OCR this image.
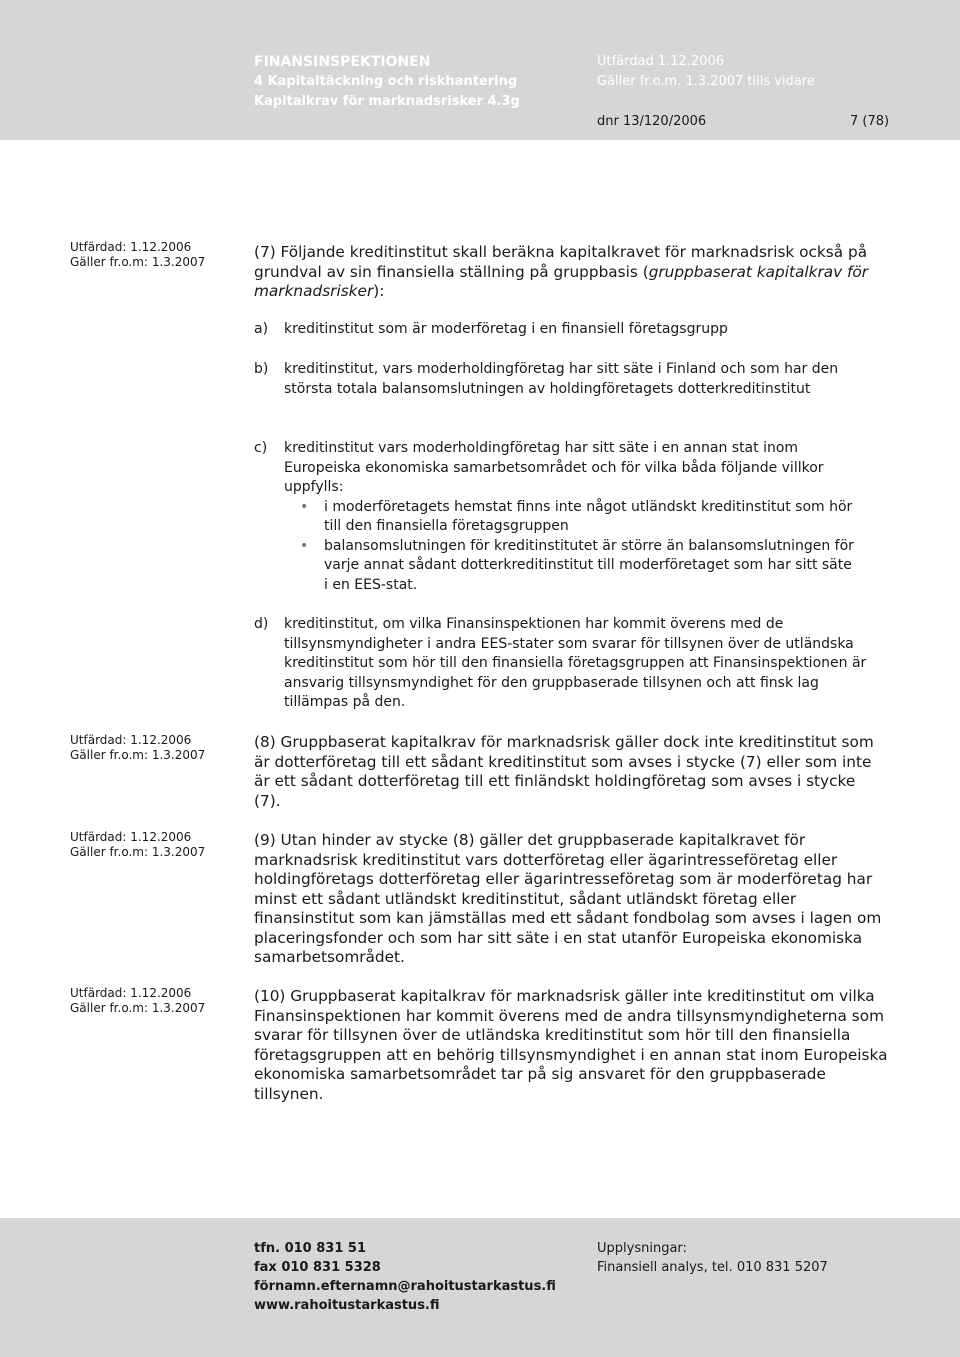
FINANSINSPEKTIONEN
4 Kapitaltäckning och riskhantering
Kapitalkrav för marknadsrisker 4.3g
Utfärdad 1.12.2006
Gäller fr.o.m. 1.3.2007 tills vidare
dnr 13/120/2006	7 (78)
Utfärdad: 1.12.2006
Gäller fr.o.m: 1.3.2007
Utfärdad: 1.12.2006
Gäller fr.o.m: 1.3.2007
Utfärdad: 1.12.2006
Gäller fr.o.m: 1.3.2007
Utfärdad: 1.12.2006
Gäller fr.o.m: 1.3.2007
(7) Följande kreditinstitut skall beräkna kapitalkravet för marknadsrisk också på grundval av sin finansiella ställning på gruppbasis (gruppbaserat kapitalkrav för marknadsrisker):
a) kreditinstitut som är moderföretag i en finansiell företagsgrupp
b) kreditinstitut, vars moderholdingföretag har sitt säte i Finland och som har den största totala balansomslutningen av holdingföretagets dotterkreditinstitut
c) kreditinstitut vars moderholdingföretag har sitt säte i en annan stat inom Europeiska ekonomiska samarbetsområdet och för vilka båda följande villkor uppfylls:
• i moderföretagets hemstat finns inte något utländskt kreditinstitut som hör till den finansiella företagsgruppen
• balansomslutningen för kreditinstitutet är större än balansomslutningen för varje annat sådant dotterkreditinstitut till moderföretaget som har sitt säte i en EES-stat.
d) kreditinstitut, om vilka Finansinspektionen har kommit överens med de tillsynsmyndigheter i andra EES-stater som svarar för tillsynen över de utländska kreditinstitut som hör till den finansiella företagsgruppen att Finansinspektionen är ansvarig tillsynsmyndighet för den gruppbaserade tillsynen och att finsk lag tillämpas på den.
(8) Gruppbaserat kapitalkrav för marknadsrisk gäller dock inte kreditinstitut som är dotterföretag till ett sådant kreditinstitut som avses i stycke (7) eller som inte är ett sådant dotterföretag till ett finländskt holdingföretag som avses i stycke (7).
(9) Utan hinder av stycke (8) gäller det gruppbaserade kapitalkravet för marknadsrisk kreditinstitut vars dotterföretag eller ägarintresseföretag eller holdingföretags dotterföretag eller ägarintresseföretag som är moderföretag har minst ett sådant utländskt kreditinstitut, sådant utländskt företag eller finansinstitut som kan jämställas med ett sådant fondbolag som avses i lagen om placeringsfonder och som har sitt säte i en stat utanför Europeiska ekonomiska samarbetsområdet.
(10) Gruppbaserat kapitalkrav för marknadsrisk gäller inte kreditinstitut om vilka Finansinspektionen har kommit överens med de andra tillsynsmyndigheterna som svarar för tillsynen över de utländska kreditinstitut som hör till den finansiella företagsgruppen att en behörig tillsynsmyndighet i en annan stat inom Europeiska ekonomiska samarbetsområdet tar på sig ansvaret för den gruppbaserade tillsynen.
tfn. 010 831 51
fax 010 831 5328
förnamn.efternamn@rahoitustarkastus.fi
www.rahoitustarkastus.fi
Upplysningar:
Finansiell analys, tel. 010 831 5207
